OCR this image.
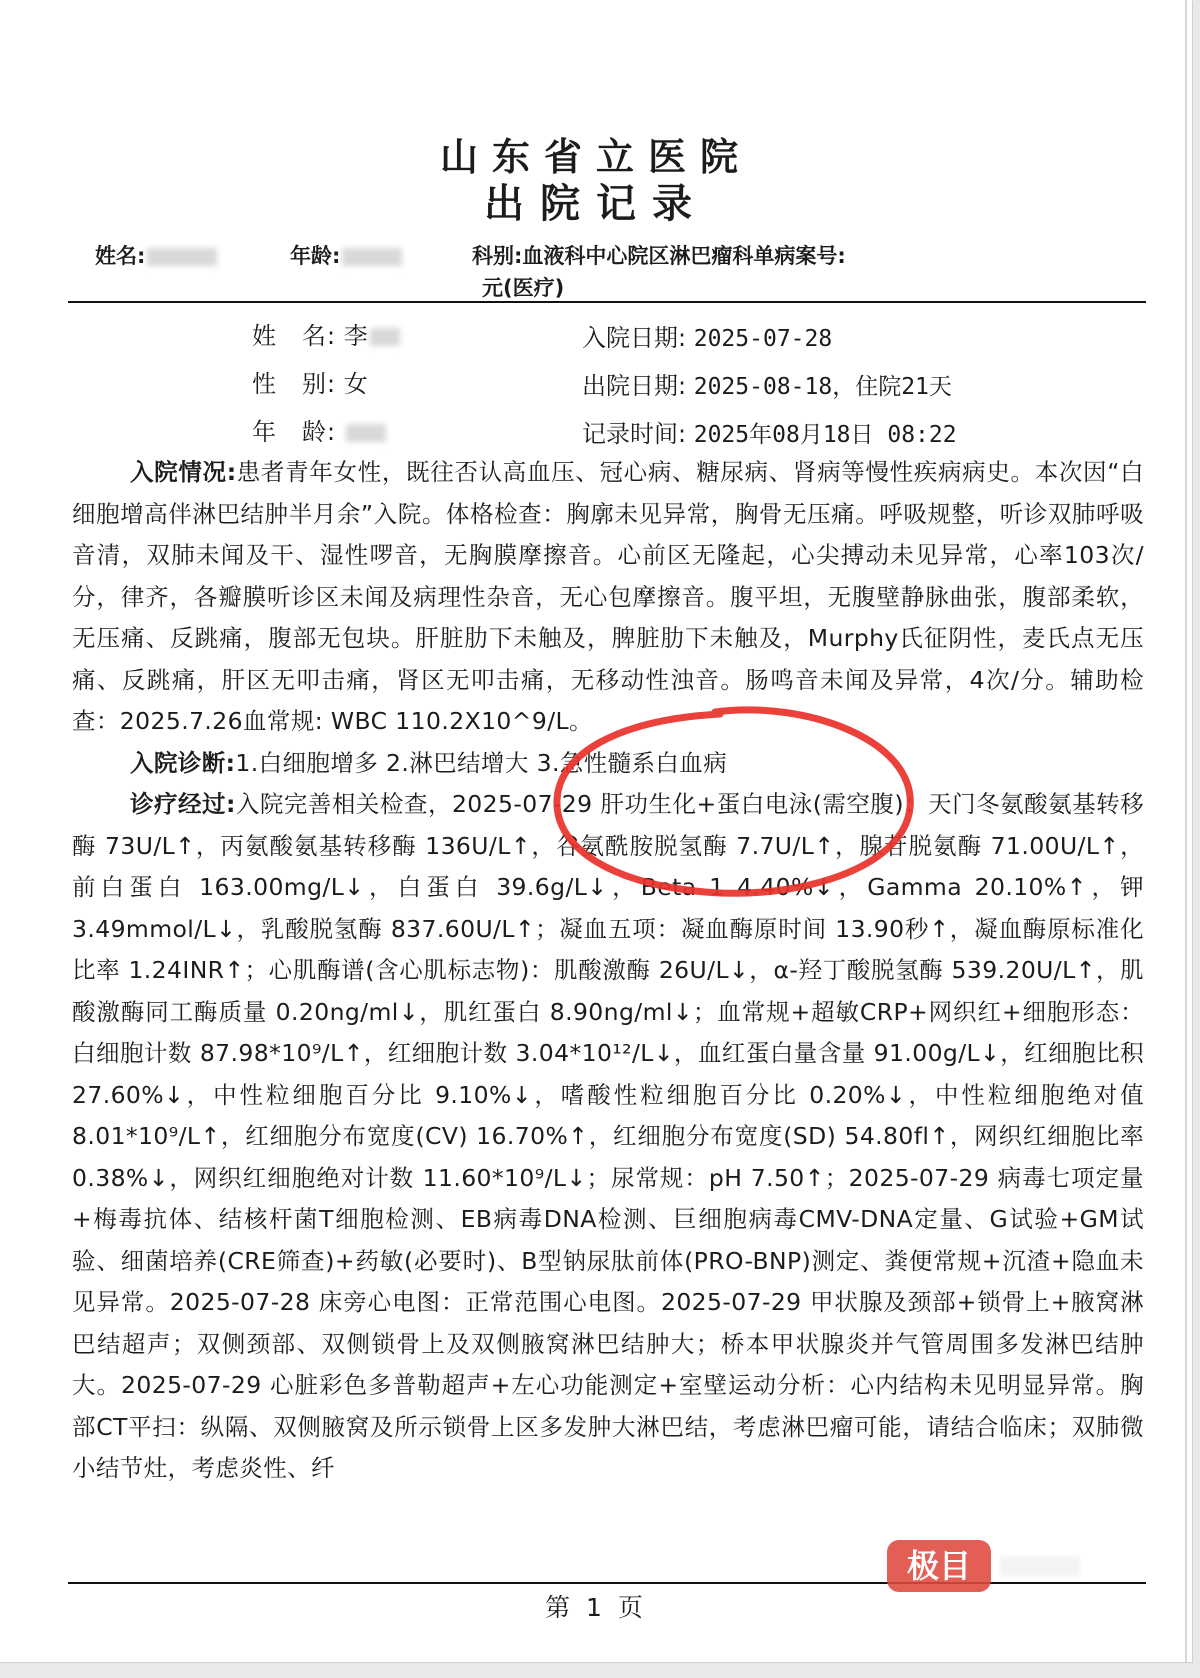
山东省立医院
出院记录
姓名:	年龄:	科别:血液科中心院区淋巴瘤科单病案号:
元(医疗)
姓　名: 李
性　别: 女
年　龄:
入院日期: 2025-07-28
出院日期: 2025-08-18，住院21天
记录时间: 2025年08月18日 08:22

入院情况:患者青年女性，既往否认高血压、冠心病、糖尿病、肾病等慢性疾病病史。本次因“白细胞增高伴淋巴结肿半月余”入院。体格检查：胸廓未见异常，胸骨无压痛。呼吸规整，听诊双肺呼吸音清，双肺未闻及干、湿性啰音，无胸膜摩擦音。心前区无隆起，心尖搏动未见异常，心率103次/分，律齐，各瓣膜听诊区未闻及病理性杂音，无心包摩擦音。腹平坦，无腹壁静脉曲张，腹部柔软，无压痛、反跳痛，腹部无包块。肝脏肋下未触及，脾脏肋下未触及，Murphy氏征阴性，麦氏点无压痛、反跳痛，肝区无叩击痛，肾区无叩击痛，无移动性浊音。肠鸣音未闻及异常，4次/分。辅助检查：2025.7.26血常规: WBC 110.2X10^9/L。

入院诊断:1.白细胞增多 2.淋巴结增大 3.急性髓系白血病

诊疗经过:入院完善相关检查，2025-07-29 肝功生化+蛋白电泳(需空腹)：天门冬氨酸氨基转移酶 73U/L↑，丙氨酸氨基转移酶 136U/L↑，谷氨酰胺脱氢酶 7.7U/L↑，腺苷脱氨酶 71.00U/L↑，前白蛋白 163.00mg/L↓，白蛋白 39.6g/L↓，Beta 1 4.40%↓，Gamma 20.10%↑，钾 3.49mmol/L↓，乳酸脱氢酶 837.60U/L↑；凝血五项：凝血酶原时间 13.90秒↑，凝血酶原标准化比率 1.24INR↑；心肌酶谱(含心肌标志物)：肌酸激酶 26U/L↓，α-羟丁酸脱氢酶 539.20U/L↑，肌酸激酶同工酶质量 0.20ng/ml↓，肌红蛋白 8.90ng/ml↓；血常规+超敏CRP+网织红+细胞形态：白细胞计数 87.98*10⁹/L↑，红细胞计数 3.04*10¹²/L↓，血红蛋白量含量 91.00g/L↓，红细胞比积 27.60%↓，中性粒细胞百分比 9.10%↓，嗜酸性粒细胞百分比 0.20%↓，中性粒细胞绝对值 8.01*10⁹/L↑，红细胞分布宽度(CV) 16.70%↑，红细胞分布宽度(SD) 54.80fl↑，网织红细胞比率 0.38%↓，网织红细胞绝对计数 11.60*10⁹/L↓；尿常规：pH 7.50↑；2025-07-29 病毒七项定量+梅毒抗体、结核杆菌T细胞检测、EB病毒DNA检测、巨细胞病毒CMV-DNA定量、G试验+GM试验、细菌培养(CRE筛查)+药敏(必要时)、B型钠尿肽前体(PRO-BNP)测定、粪便常规+沉渣+隐血未见异常。2025-07-28 床旁心电图：正常范围心电图。2025-07-29 甲状腺及颈部+锁骨上+腋窝淋巴结超声；双侧颈部、双侧锁骨上及双侧腋窝淋巴结肿大；桥本甲状腺炎并气管周围多发淋巴结肿大。2025-07-29 心脏彩色多普勒超声+左心功能测定+室壁运动分析：心内结构未见明显异常。胸部CT平扫：纵隔、双侧腋窝及所示锁骨上区多发肿大淋巴结，考虑淋巴瘤可能，请结合临床；双肺微小结节灶，考虑炎性、纤

第 1 页
极目
